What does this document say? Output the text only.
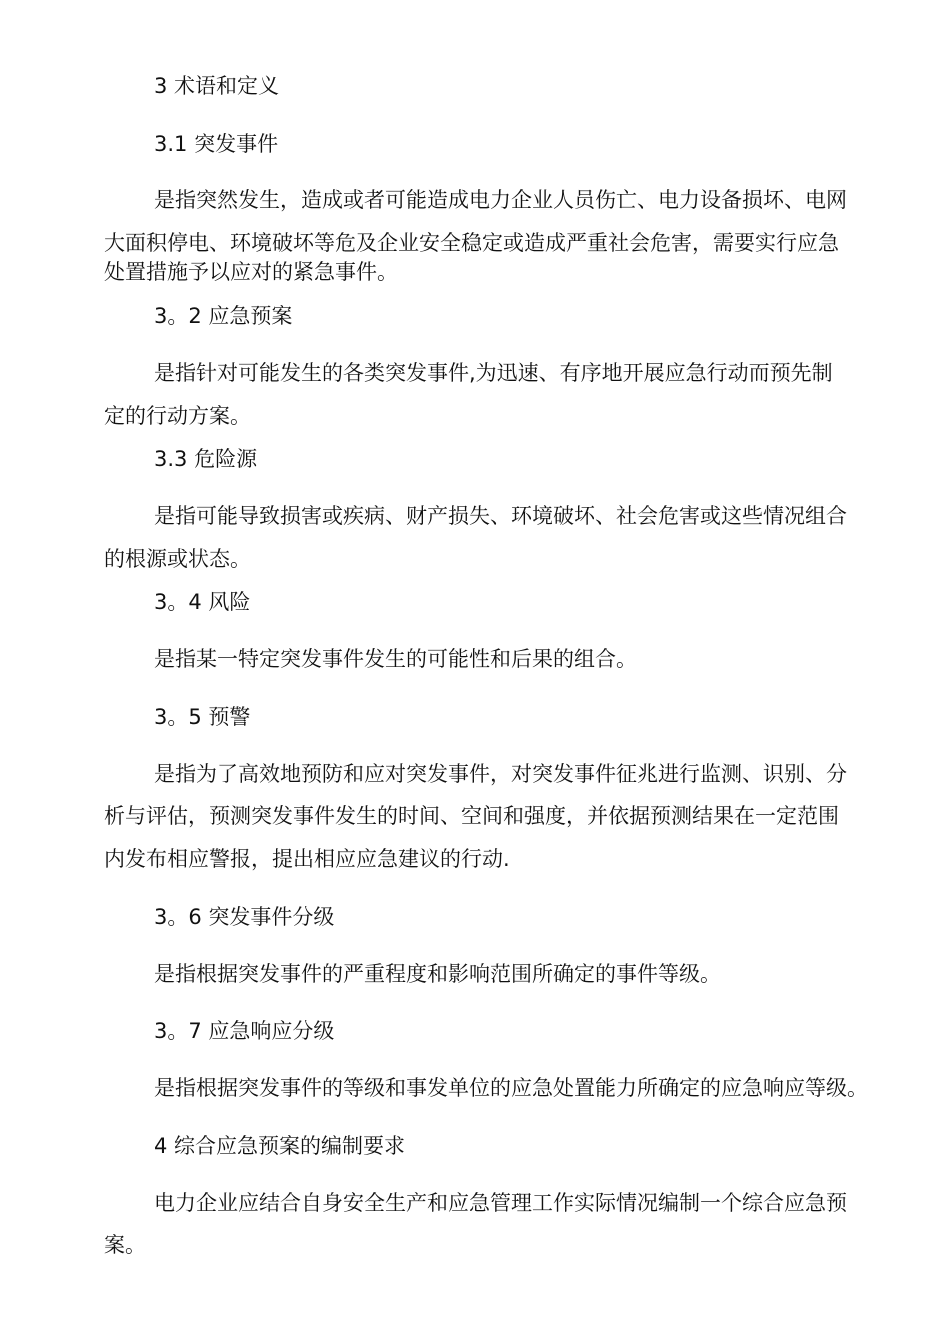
3 术语和定义
3.1 突发事件
是指突然发生，造成或者可能造成电力企业人员伤亡、电力设备损坏、电网
大面积停电、环境破坏等危及企业安全稳定或造成严重社会危害，需要实行应急
处置措施予以应对的紧急事件。
3。2 应急预案
是指针对可能发生的各类突发事件,为迅速、有序地开展应急行动而预先制
定的行动方案。
3.3 危险源
是指可能导致损害或疾病、财产损失、环境破坏、社会危害或这些情况组合
的根源或状态。
3。4 风险
是指某一特定突发事件发生的可能性和后果的组合。
3。5 预警
是指为了高效地预防和应对突发事件，对突发事件征兆进行监测、识别、分
析与评估，预测突发事件发生的时间、空间和强度，并依据预测结果在一定范围
内发布相应警报，提出相应应急建议的行动.
3。6 突发事件分级
是指根据突发事件的严重程度和影响范围所确定的事件等级。
3。7 应急响应分级
是指根据突发事件的等级和事发单位的应急处置能力所确定的应急响应等级。
4 综合应急预案的编制要求
电力企业应结合自身安全生产和应急管理工作实际情况编制一个综合应急预
案。
